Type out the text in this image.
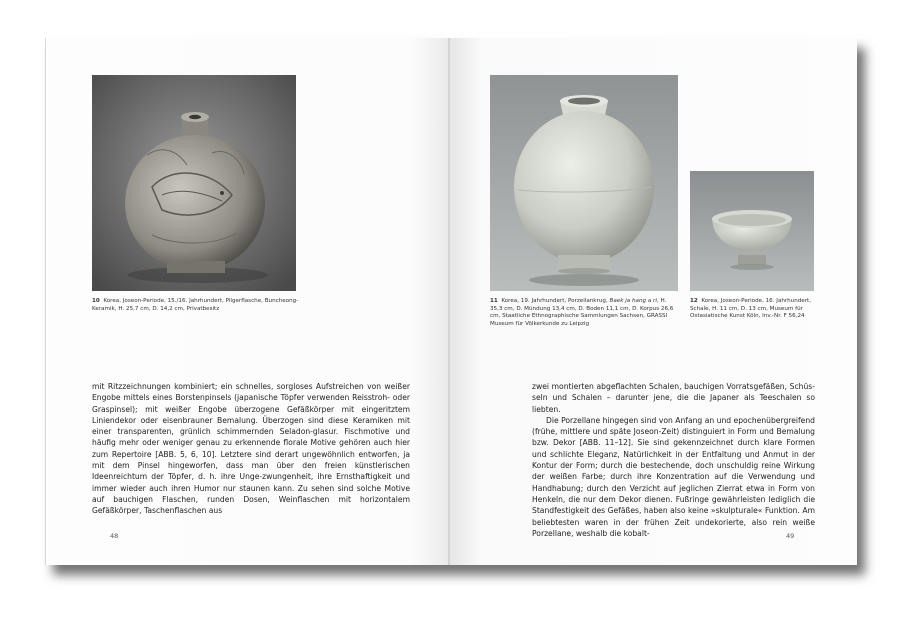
10 Korea, Joseon-Periode, 15./16. Jahrhundert, Pilgerflasche, Buncheong-Keramik, H. 25,7 cm, D. 14,2 cm, Privatbesitz

mit Ritzzeichnungen kombiniert; ein schnelles, sorgloses Aufstreichen von weißer Engobe mittels eines Borstenpinsels (japanische Töpfer verwenden Reisstroh- oder Graspinsel); mit weißer Engobe überzogene Gefäßkörper mit eingeritztem Liniendekor oder eisenbrauner Bemalung. Überzogen sind diese Keramiken mit einer transparenten, grünlich schimmernden Seladon-glasur. Fischmotive und häufig mehr oder weniger genau zu erkennende florale Motive gehören auch hier zum Repertoire [ABB. 5, 6, 10]. Letztere sind derart ungewöhnlich entworfen, ja mit dem Pinsel hingeworfen, dass man über den freien künstlerischen Ideenreichtum der Töpfer, d. h. ihre Unge-zwungenheit, ihre Ernsthaftigkeit und immer wieder auch ihren Humor nur staunen kann. Zu sehen sind solche Motive auf bauchigen Flaschen, runden Dosen, Weinflaschen mit horizontalem Gefäßkörper, Taschenflaschen aus

48
11 Korea, 19. Jahrhundert, Porzellankrug, Baek ja hang a ri, H. 35,3 cm, D. Mündung 13,4 cm, D. Boden 11,1 cm, D. Korpus 26,6 cm, Staatliche Ethnographische Sammlungen Sachsen, GRASSI Museum für Völkerkunde zu Leipzig
12 Korea, Joseon-Periode, 16. Jahrhundert, Schale, H. 11 cm, D. 13 cm, Museum für Ostasiatische Kunst Köln, Inv.-Nr. F 56,24

zwei montierten abgeflachten Schalen, bauchigen Vorratsgefäßen, Schüs-seln und Schalen – darunter jene, die die Japaner als Teeschalen so liebten.

Die Porzellane hingegen sind von Anfang an und epochenübergreifend (frühe, mittlere und späte Joseon-Zeit) distinguiert in Form und Bemalung bzw. Dekor [ABB. 11–12]. Sie sind gekennzeichnet durch klare Formen und schlichte Eleganz, Natürlichkeit in der Entfaltung und Anmut in der Kontur der Form; durch die bestechende, doch unschuldig reine Wirkung der weißen Farbe; durch ihre Konzentration auf die Verwendung und Handhabung; durch den Verzicht auf jeglichen Zierrat etwa in Form von Henkeln, die nur dem Dekor dienen. Fußringe gewährleisten lediglich die Standfestigkeit des Gefäßes, haben also keine »skulpturale« Funktion. Am beliebtesten waren in der frühen Zeit undekorierte, also rein weiße Porzellane, weshalb die kobalt-	49
